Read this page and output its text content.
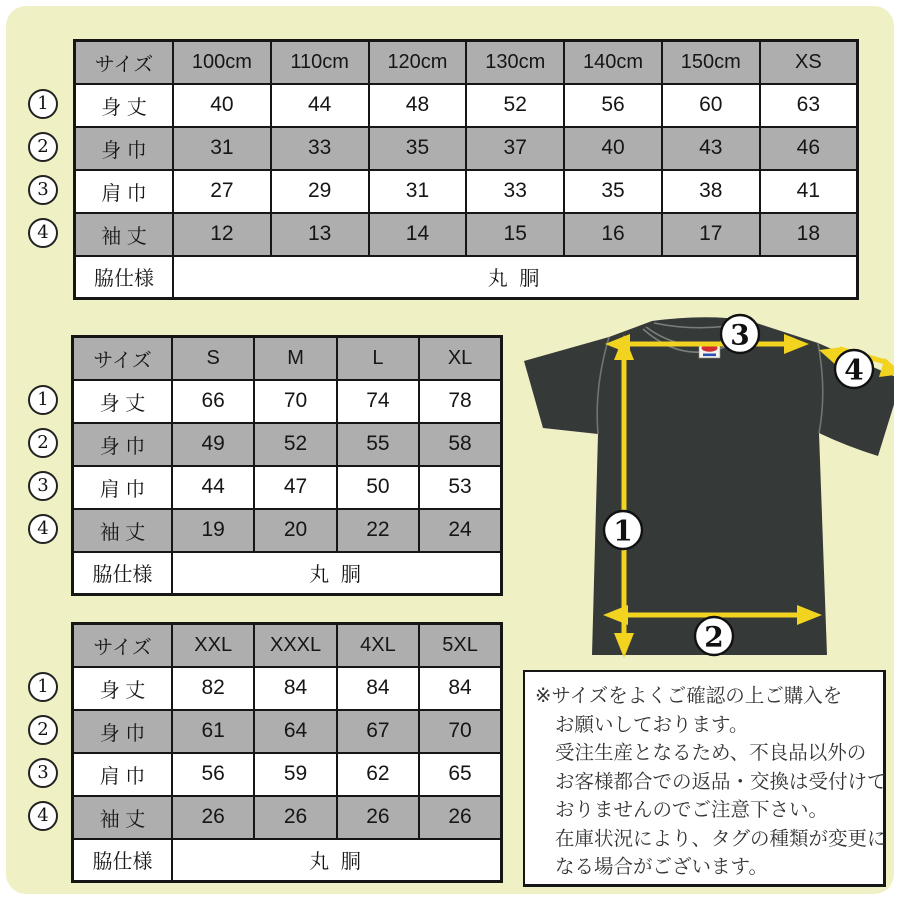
1
2
3
4
1
2
3
4
1
2
3
4
サイズ	100cm	110cm	120cm	130cm	140cm	150cm	XS
身 丈	40	44	48	52	56	60	63
身 巾	31	33	35	37	40	43	46
肩 巾	27	29	31	33	35	38	41
袖 丈	12	13	14	15	16	17	18
脇仕様	丸 胴						
サイズ	S	M	L	XL
身 丈	66	70	74	78
身 巾	49	52	55	58
肩 巾	44	47	50	53
袖 丈	19	20	22	24
脇仕様	丸 胴			
サイズ	XXL	XXXL	4XL	5XL
身 丈	82	84	84	84
身 巾	61	64	67	70
肩 巾	56	59	62	65
袖 丈	26	26	26	26
脇仕様	丸 胴			
3
4
1
2
※サイズをよくご確認の上ご購入を
お願いしております。
受注生産となるため、不良品以外の
お客様都合での返品・交換は受付けて
おりませんのでご注意下さい。
在庫状況により、タグの種類が変更に
なる場合がございます。
